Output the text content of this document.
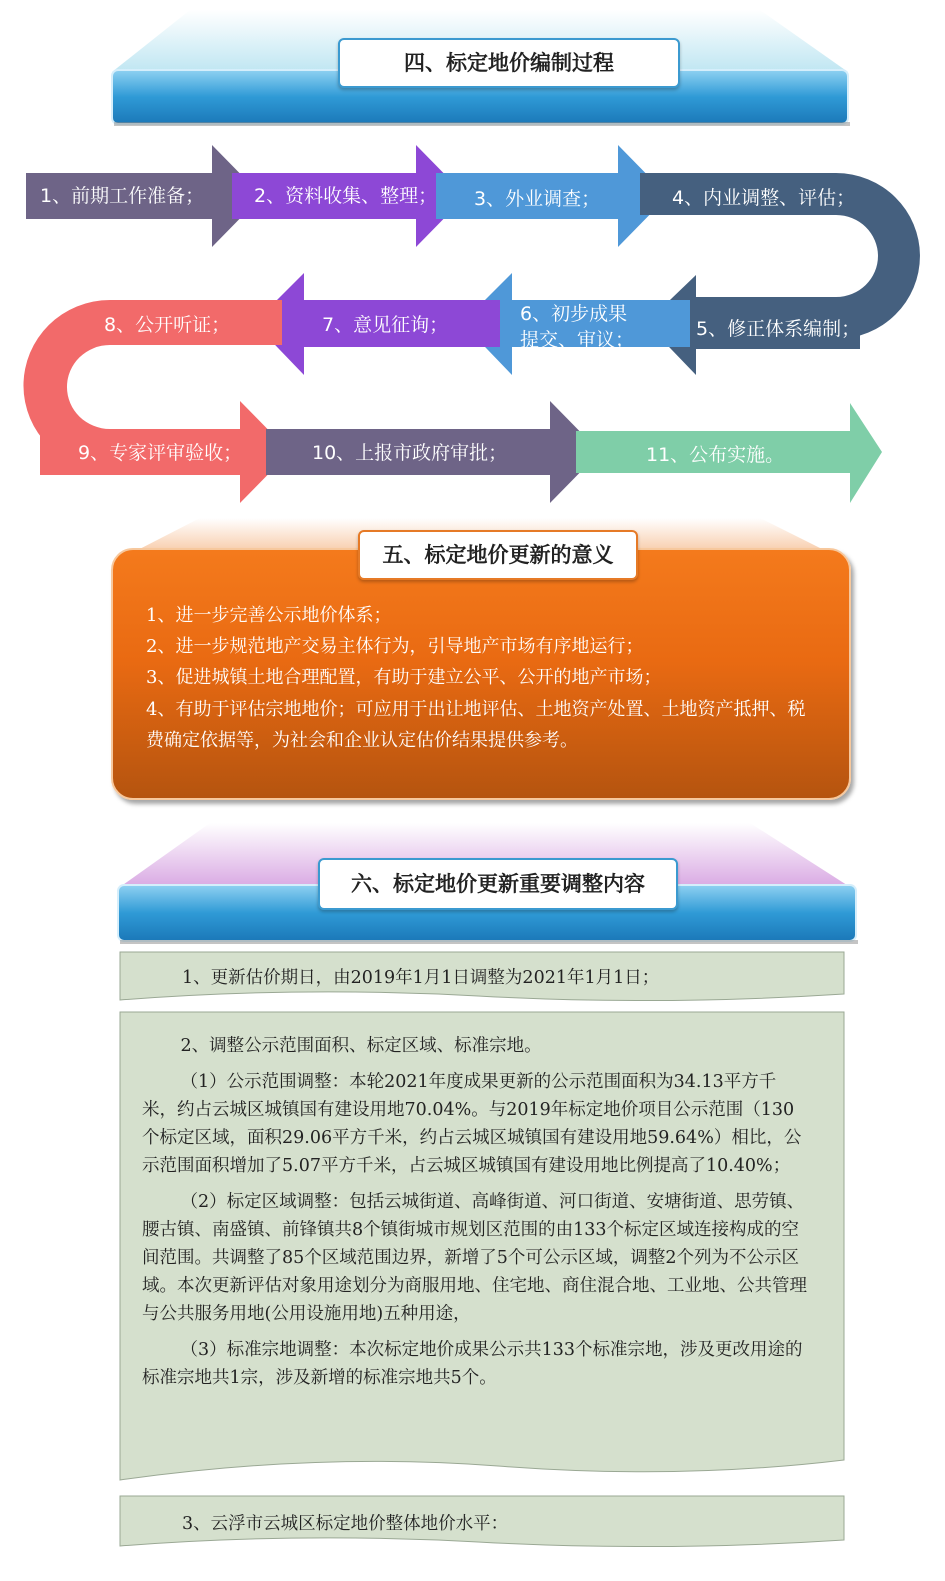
四、标定地价编制过程
1、前期工作准备；	2、资料收集、整理； 3、外业调查；	4、内业调整、评估；
5、修正体系编制；
6、初步成果
提交、审议；
7、意见征询；
8、公开听证；
9、专家评审验收；	10、上报市政府审批；	11、公布实施。
五、标定地价更新的意义
1、进一步完善公示地价体系；
2、进一步规范地产交易主体行为，引导地产市场有序地运行；
3、促进城镇土地合理配置，有助于建立公平、公开的地产市场；
4、有助于评估宗地地价；可应用于出让地评估、土地资产处置、土地资产抵押、税费确定依据等，为社会和企业认定估价结果提供参考。
六、标定地价更新重要调整内容
1、更新估价期日，由2019年1月1日调整为2021年1月1日；

2、调整公示范围面积、标定区域、标准宗地。

（1）公示范围调整：本轮2021年度成果更新的公示范围面积为34.13平方千米，约占云城区城镇国有建设用地70.04%。与2019年标定地价项目公示范围（130个标定区域，面积29.06平方千米，约占云城区城镇国有建设用地59.64%）相比，公示范围面积增加了5.07平方千米，占云城区城镇国有建设用地比例提高了10.40%；

（2）标定区域调整：包括云城街道、高峰街道、河口街道、安塘街道、思劳镇、腰古镇、南盛镇、前锋镇共8个镇街城市规划区范围的由133个标定区域连接构成的空间范围。共调整了85个区域范围边界，新增了5个可公示区域，调整2个列为不公示区域。本次更新评估对象用途划分为商服用地、住宅地、商住混合地、工业地、公共管理与公共服务用地(公用设施用地)五种用途，

（3）标准宗地调整：本次标定地价成果公示共133个标准宗地，涉及更改用途的标准宗地共1宗，涉及新增的标准宗地共5个。

3、云浮市云城区标定地价整体地价水平：
